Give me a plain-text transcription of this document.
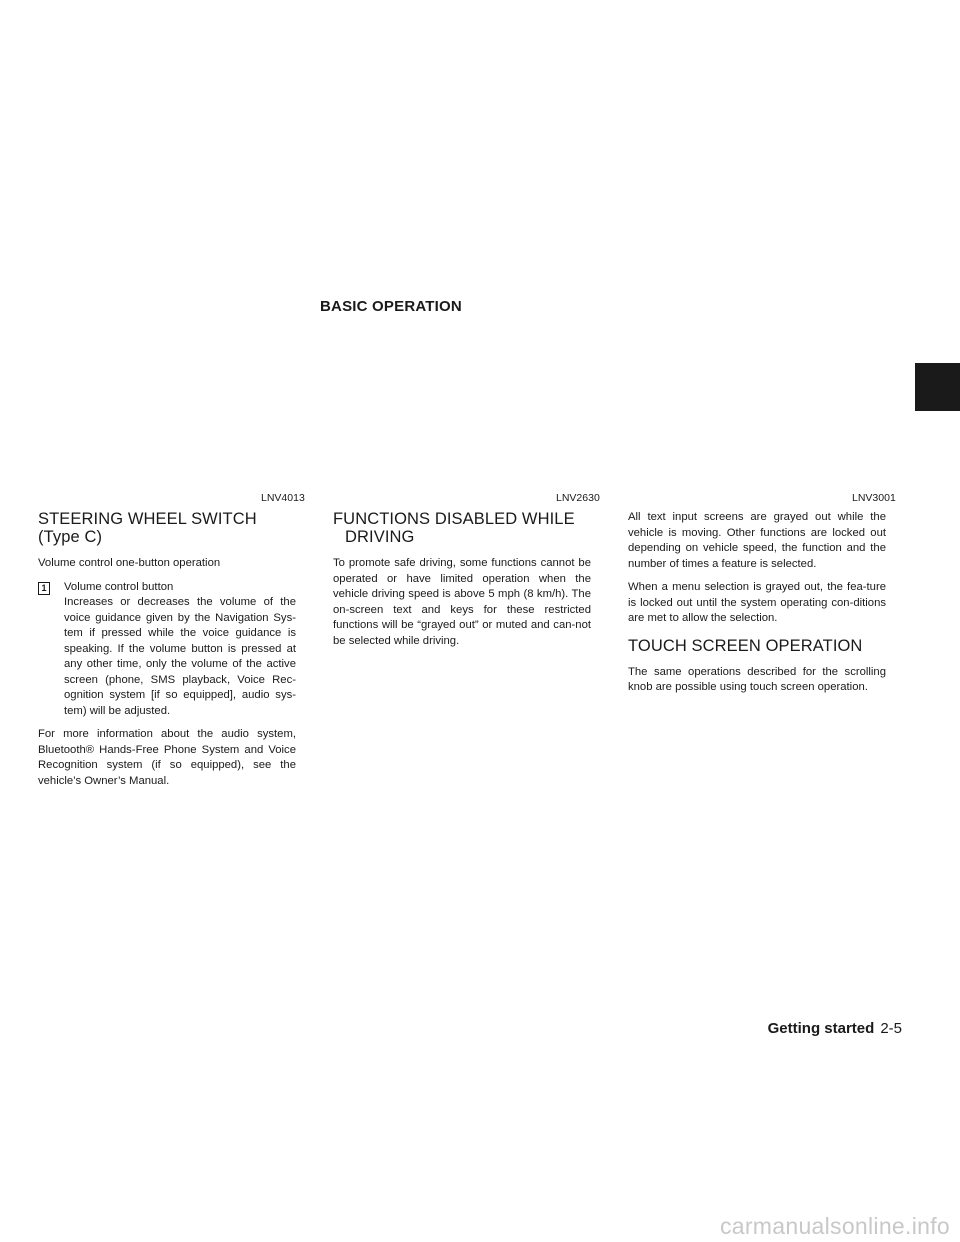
BASIC OPERATION
LNV4013	LNV2630	LNV3001
STEERING WHEEL SWITCH (Type C)

Volume control one-button operation

1	Volume control button
Increases or decreases the volume of the voice guidance given by the Navigation Sys-tem if pressed while the voice guidance is speaking. If the volume button is pressed at any other time, only the volume of the active screen (phone, SMS playback, Voice Rec-ognition system [if so equipped], audio sys-tem) will be adjusted.

For more information about the audio system, Bluetooth® Hands-Free Phone System and Voice Recognition system (if so equipped), see the vehicle’s Owner’s Manual.

FUNCTIONS DISABLED WHILE
DRIVING

To promote safe driving, some functions cannot be operated or have limited operation when the vehicle driving speed is above 5 mph (8 km/h). The on-screen text and keys for these restricted functions will be “grayed out” or muted and can-not be selected while driving.

All text input screens are grayed out while the vehicle is moving. Other functions are locked out depending on vehicle speed, the function and the number of times a feature is selected.

When a menu selection is grayed out, the fea-ture is locked out until the system operating con-ditions are met to allow the selection.

TOUCH SCREEN OPERATION

The same operations described for the scrolling knob are possible using touch screen operation.

Getting started 2-5
carmanualsonline.info
